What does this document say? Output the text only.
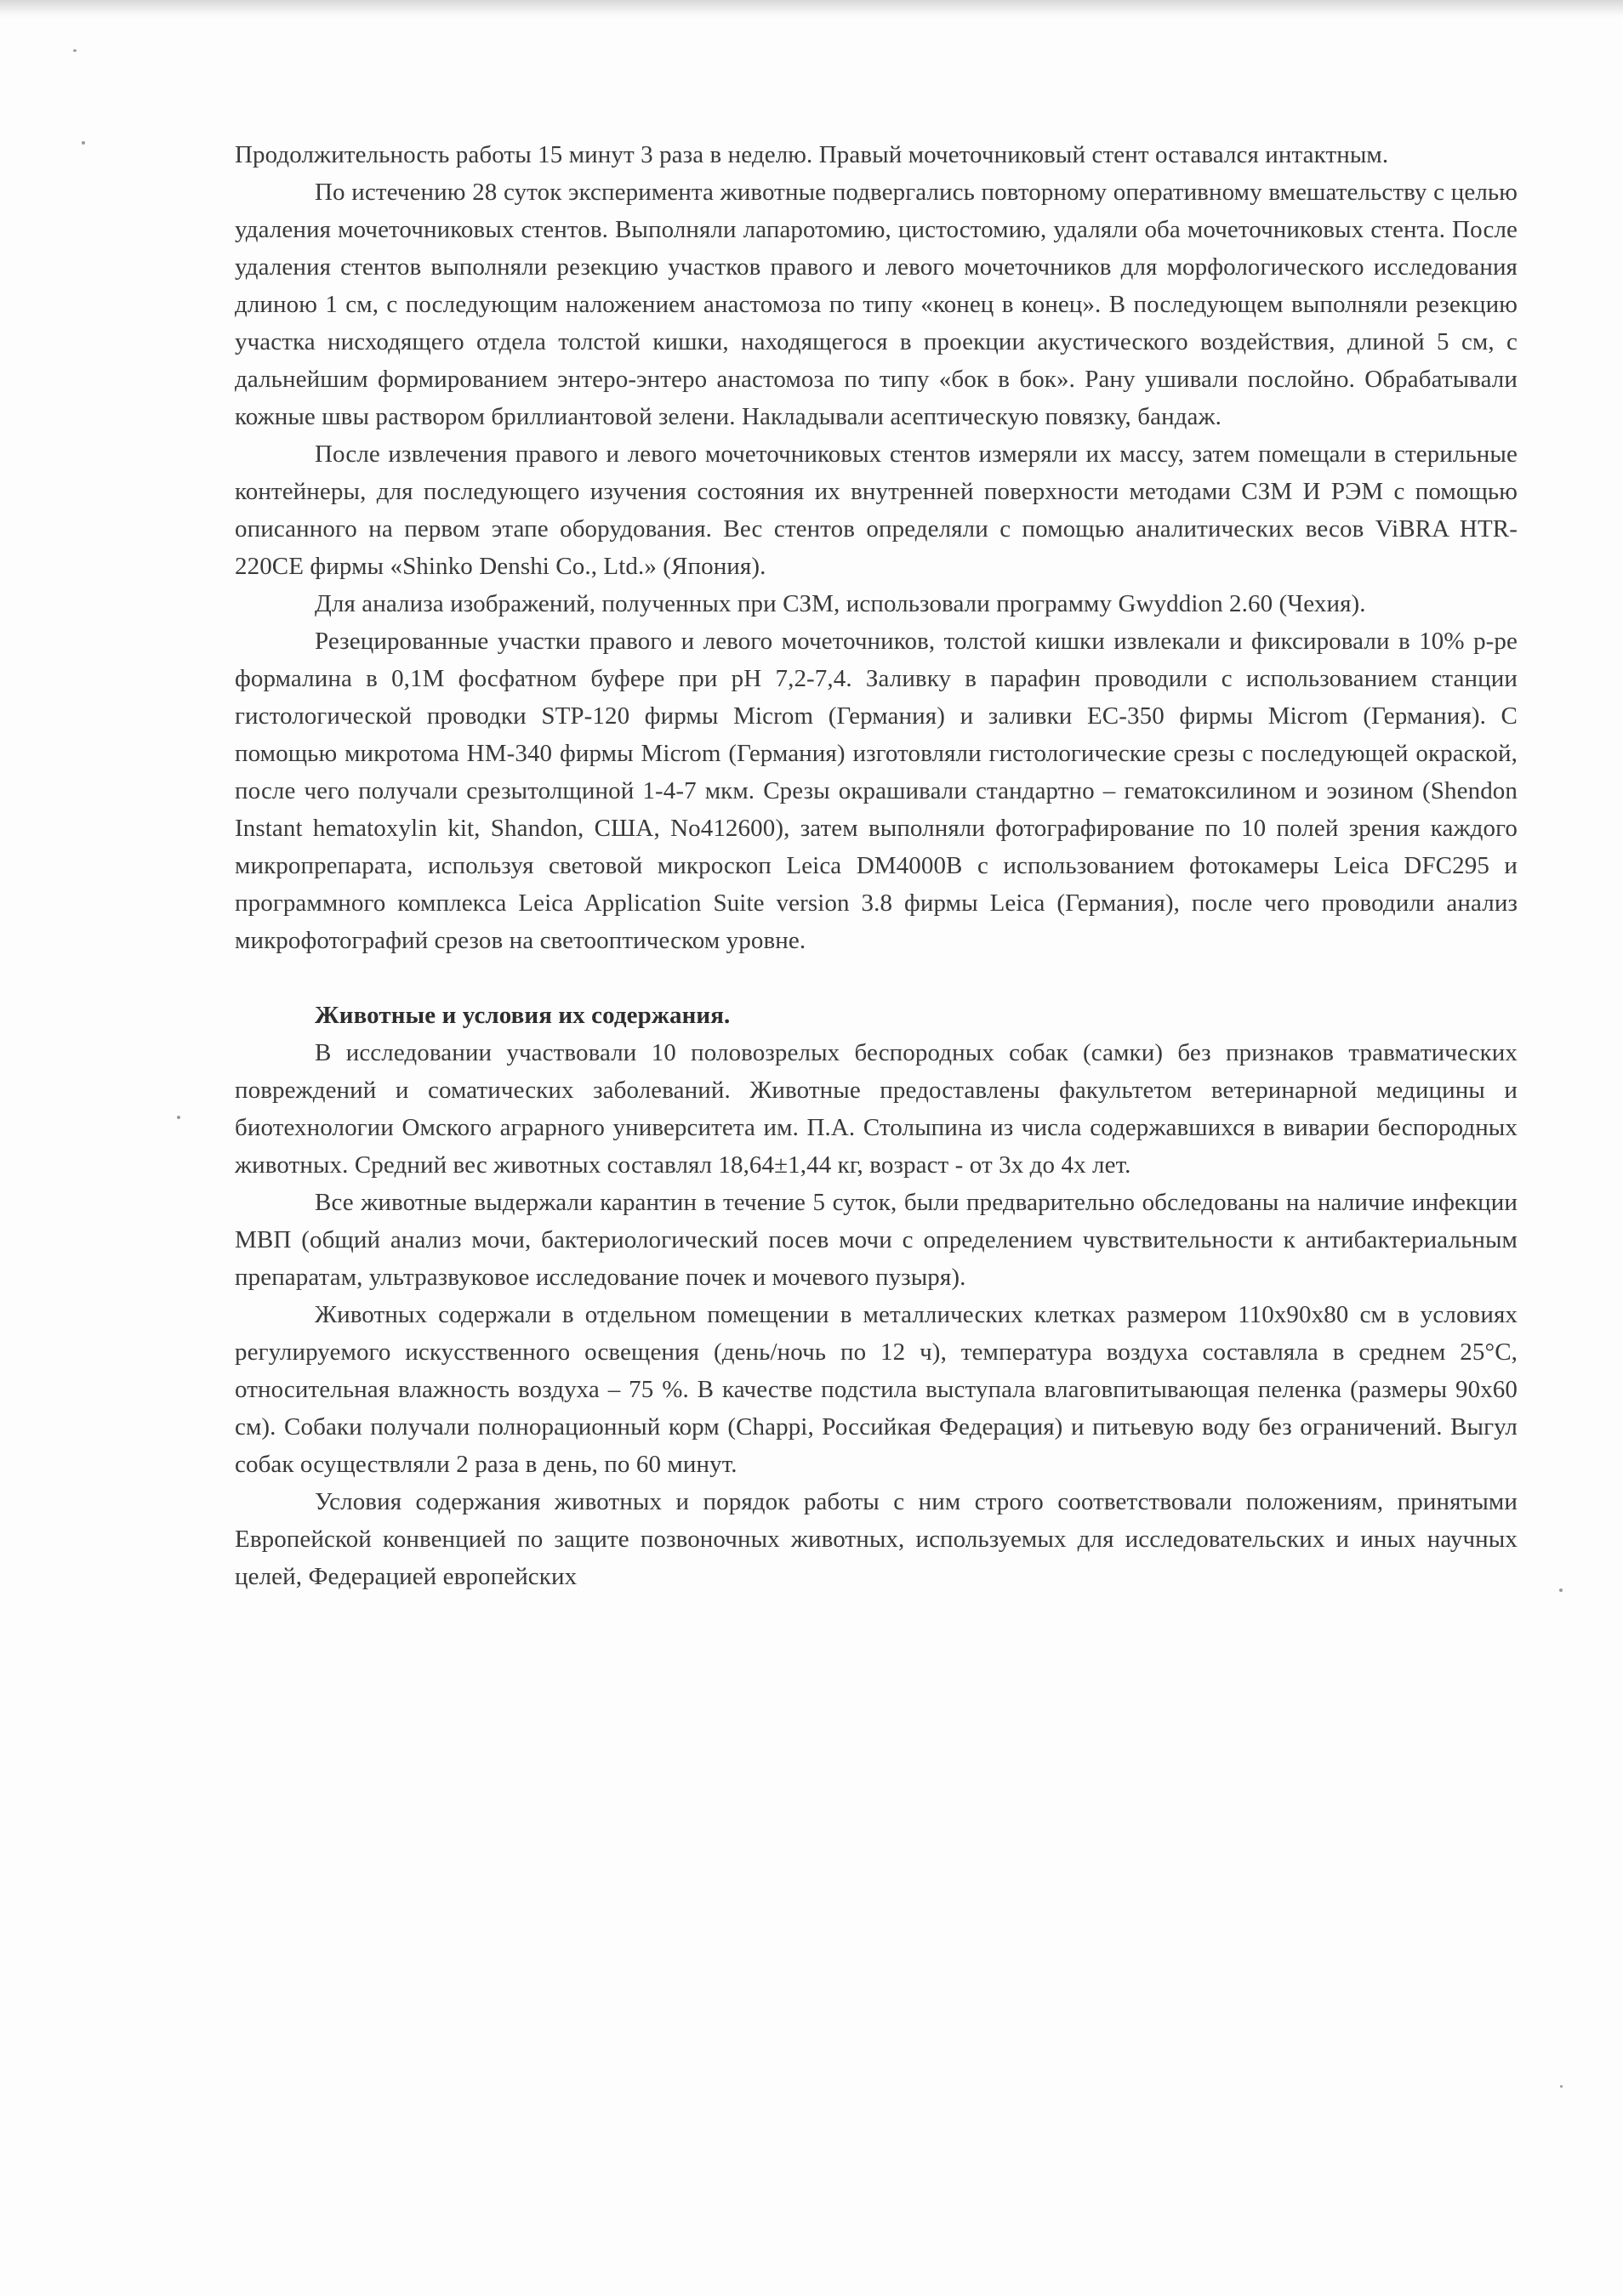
Продолжительность работы 15 минут 3 раза в неделю. Правый мочеточниковый стент оставался интактным.

По истечению 28 суток эксперимента животные подвергались повторному оперативному вмешательству с целью удаления мочеточниковых стентов. Выполняли лапаротомию, цистостомию, удаляли оба мочеточниковых стента. После удаления стентов выполняли резекцию участков правого и левого мочеточников для морфологического исследования длиною 1 см, с последующим наложением анастомоза по типу «конец в конец». В последующем выполняли резекцию участка нисходящего отдела толстой кишки, находящегося в проекции акустического воздействия, длиной 5 см, с дальнейшим формированием энтеро-энтеро анастомоза по типу «бок в бок». Рану ушивали послойно. Обрабатывали кожные швы раствором бриллиантовой зелени. Накладывали асептическую повязку, бандаж.

После извлечения правого и левого мочеточниковых стентов измеряли их массу, затем помещали в стерильные контейнеры, для последующего изучения состояния их внутренней поверхности методами СЗМ И РЭМ с помощью описанного на первом этапе оборудования. Вес стентов определяли с помощью аналитических весов ViBRA HTR-220CE фирмы «Shinko Denshi Co., Ltd.» (Япония).

Для анализа изображений, полученных при СЗМ, использовали программу Gwyddion 2.60 (Чехия).

Резецированные участки правого и левого мочеточников, толстой кишки извлекали и фиксировали в 10% р-ре формалина в 0,1М фосфатном буфере при pH 7,2-7,4. Заливку в парафин проводили с использованием станции гистологической проводки STP-120 фирмы Microm (Германия) и заливки EC-350 фирмы Microm (Германия). С помощью микротома HM-340 фирмы Microm (Германия) изготовляли гистологические срезы с последующей окраской, после чего получали срезытолщиной 1-4-7 мкм. Срезы окрашивали стандартно – гематоксилином и эозином (Shendon Instant hematoxylin kit, Shandon, США, No412600), затем выполняли фотографирование по 10 полей зрения каждого микропрепарата, используя световой микроскоп Leica DM4000B с использованием фотокамеры Leica DFC295 и программного комплекса Leica Application Suite version 3.8 фирмы Leica (Германия), после чего проводили анализ микрофотографий срезов на светооптическом уровне.

Животные и условия их содержания.

В исследовании участвовали 10 половозрелых беспородных собак (самки) без признаков травматических повреждений и соматических заболеваний. Животные предоставлены факультетом ветеринарной медицины и биотехнологии Омского аграрного университета им. П.А. Столыпина из числа содержавшихся в виварии беспородных животных. Средний вес животных составлял 18,64±1,44 кг, возраст - от 3х до 4х лет.

Все животные выдержали карантин в течение 5 суток, были предварительно обследованы на наличие инфекции МВП (общий анализ мочи, бактериологический посев мочи с определением чувствительности к антибактериальным препаратам, ультразвуковое исследование почек и мочевого пузыря).

Животных содержали в отдельном помещении в металлических клетках размером 110х90х80 см в условиях регулируемого искусственного освещения (день/ночь по 12 ч), температура воздуха составляла в среднем 25°С, относительная влажность воздуха – 75 %. В качестве подстила выступала влаговпитывающая пеленка (размеры 90х60 см). Собаки получали полнорационный корм (Chappi, Российкая Федерация) и питьевую воду без ограничений. Выгул собак осуществляли 2 раза в день, по 60 минут.

Условия содержания животных и порядок работы с ним строго соответствовали положениям, принятыми Европейской конвенцией по защите позвоночных животных, используемых для исследовательских и иных научных целей, Федерацией европейских
